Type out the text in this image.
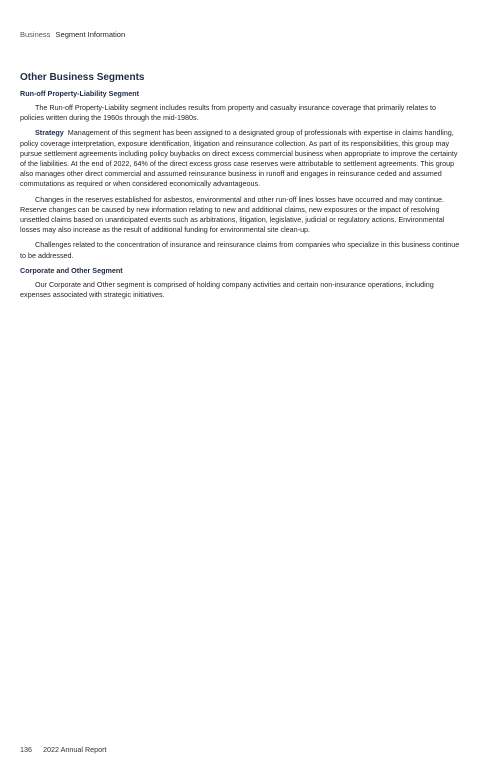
Business Segment Information
Other Business Segments
Run-off Property-Liability Segment

The Run-off Property-Liability segment includes results from property and casualty insurance coverage that primarily relates to policies written during the 1960s through the mid-1980s.

Strategy Management of this segment has been assigned to a designated group of professionals with expertise in claims handling, policy coverage interpretation, exposure identification, litigation and reinsurance collection. As part of its responsibilities, this group may pursue settlement agreements including policy buybacks on direct excess commercial business when appropriate to improve the certainty of the liabilities. At the end of 2022, 64% of the direct excess gross case reserves were attributable to settlement agreements. This group also manages other direct commercial and assumed reinsurance business in runoff and engages in reinsurance ceded and assumed commutations as required or when considered economically advantageous.

Changes in the reserves established for asbestos, environmental and other run-off lines losses have occurred and may continue. Reserve changes can be caused by new information relating to new and additional claims, new exposures or the impact of resolving unsettled claims based on unanticipated events such as arbitrations, litigation, legislative, judicial or regulatory actions. Environmental losses may also increase as the result of additional funding for environmental site clean-up.

Challenges related to the concentration of insurance and reinsurance claims from companies who specialize in this business continue to be addressed.

Corporate and Other Segment

Our Corporate and Other segment is comprised of holding company activities and certain non-insurance operations, including expenses associated with strategic initiatives.

136 2022 Annual Report
